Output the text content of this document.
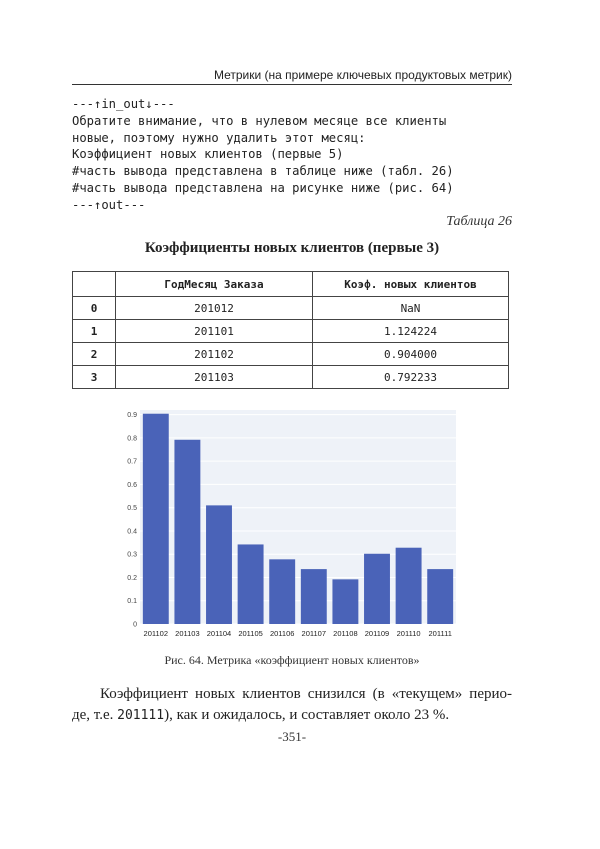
Метрики (на примере ключевых продуктовых метрик)
---↑in_out↓---
Обратите внимание, что в нулевом месяце все клиенты
новые, поэтому нужно удалить этот месяц:
Коэффициент новых клиентов (первые 5)
#часть вывода представлена в таблице ниже (табл. 26)
#часть вывода представлена на рисунке ниже (рис. 64)
---↑out---
Таблица 26
Коэффициенты новых клиентов (первые 3)
	ГодМесяц Заказа	Коэф. новых клиентов
0	201012	NaN
1	201101	1.124224
2	201102	0.904000
3	201103	0.792233
0
0.1
0.2
0.3
0.4
0.5
0.6
0.7
0.8
0.9
201102 201103 201104 201105 201106 201107 201108 201109 201110 201111
Рис. 64. Метрика «коэффициент новых клиентов»
Коэффициент новых клиентов снизился (в «текущем» перио- де, т.е. 201111), как и ожидалось, и составляет около 23 %.
-351-
